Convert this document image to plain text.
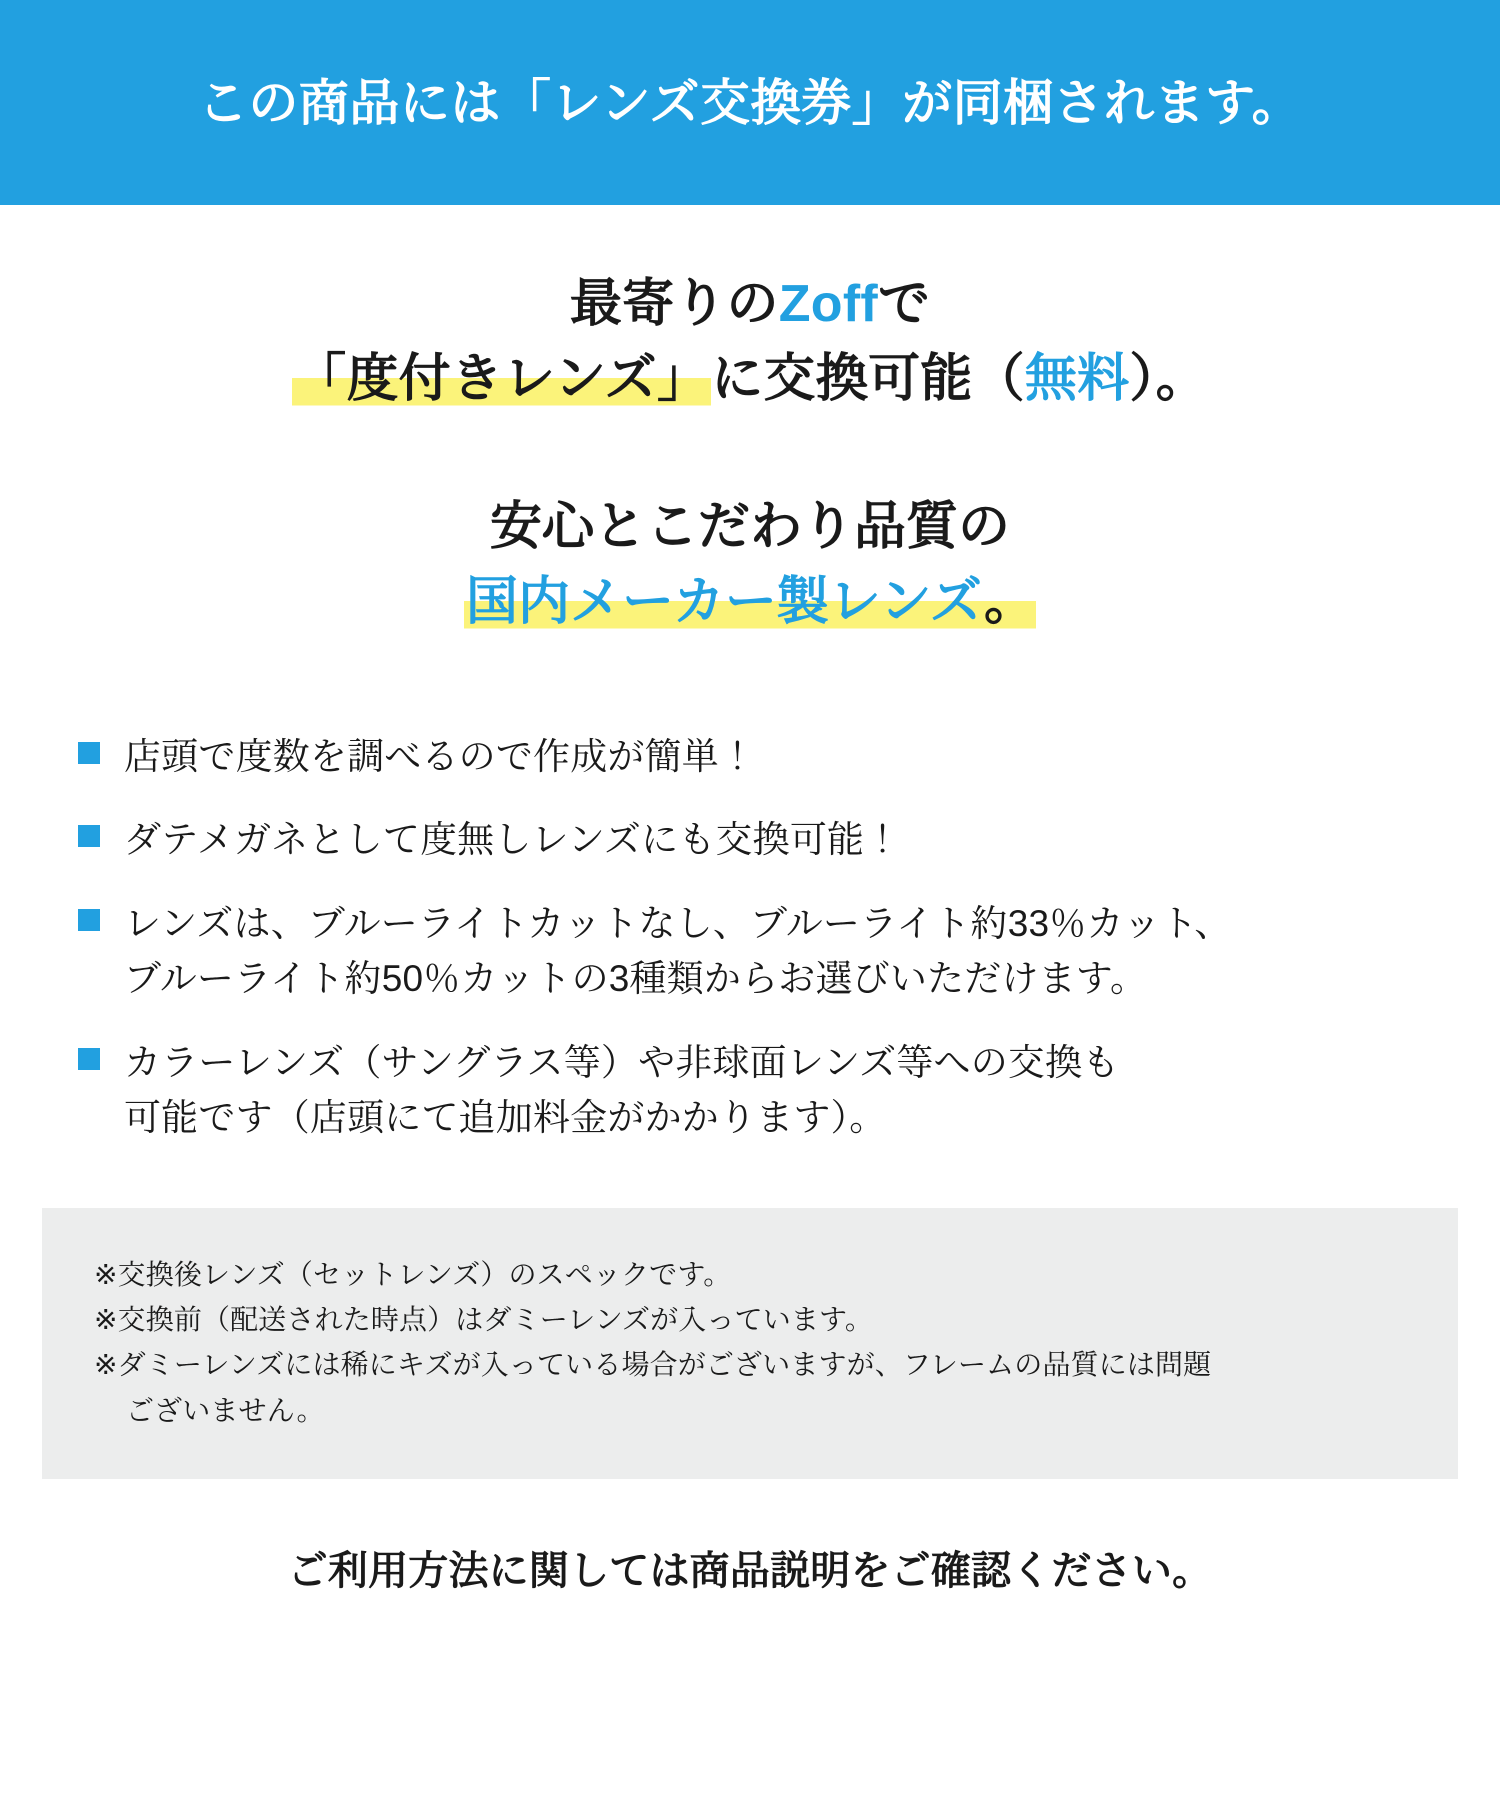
この商品には「レンズ交換券」が同梱されます。
最寄りのZoffで
「度付きレンズ」に交換可能（無料）。
安心とこだわり品質の
国内メーカー製レンズ。
店頭で度数を調べるので作成が簡単！
ダテメガネとして度無しレンズにも交換可能！
レンズは、ブルーライトカットなし、ブルーライト約33％カット、
ブルーライト約50％カットの3種類からお選びいただけます。
カラーレンズ（サングラス等）や非球面レンズ等への交換も
可能です（店頭にて追加料金がかかります）。
※交換後レンズ（セットレンズ）のスペックです。
※交換前（配送された時点）はダミーレンズが入っています。
※ダミーレンズには稀にキズが入っている場合がございますが、フレームの品質には問題
ございません。
ご利用方法に関しては商品説明をご確認ください。
